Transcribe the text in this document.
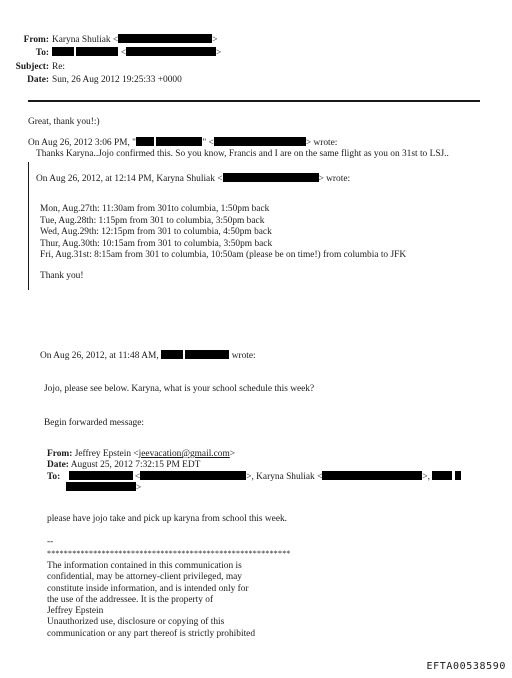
From: Karyna Shuliak <	>
To:	<	>
Subject: Re:
Date: Sun, 26 Aug 2012 19:25:33 +0000
Great, thank you!:)
On Aug 26, 2012 3:06 PM, "	" <	> wrote:
Thanks Karyna..Jojo confirmed this. So you know, Francis and I are on the same flight as you on 31st to LSJ..
On Aug 26, 2012, at 12:14 PM, Karyna Shuliak <	> wrote:
Mon, Aug.27th: 11:30am from 301to columbia, 1:50pm back
Tue, Aug.28th: 1:15pm from 301 to columbia, 3:50pm back
Wed, Aug.29th: 12:15pm from 301 to columbia, 4:50pm back
Thur, Aug.30th: 10:15am from 301 to columbia, 3:50pm back
Fri, Aug.31st: 8:15am from 301 to columbia, 10:50am (please be on time!) from columbia to JFK
Thank you!
On Aug 26, 2012, at 11:48 AM,	wrote:
Jojo, please see below. Karyna, what is your school schedule this week?
Begin forwarded message:
From: Jeffrey Epstein <jeevacation@gmail.com>
Date: August 25, 2012 7:32:15 PM EDT
To:	<	>, Karyna Shuliak <	>,
>
please have jojo take and pick up karyna from school this week.
--
**********************************************************
The information contained in this communication is
confidential, may be attorney-client privileged, may
constitute inside information, and is intended only for
the use of the addressee. It is the property of
Jeffrey Epstein
Unauthorized use, disclosure or copying of this
communication or any part thereof is strictly prohibited
EFTA00538590
